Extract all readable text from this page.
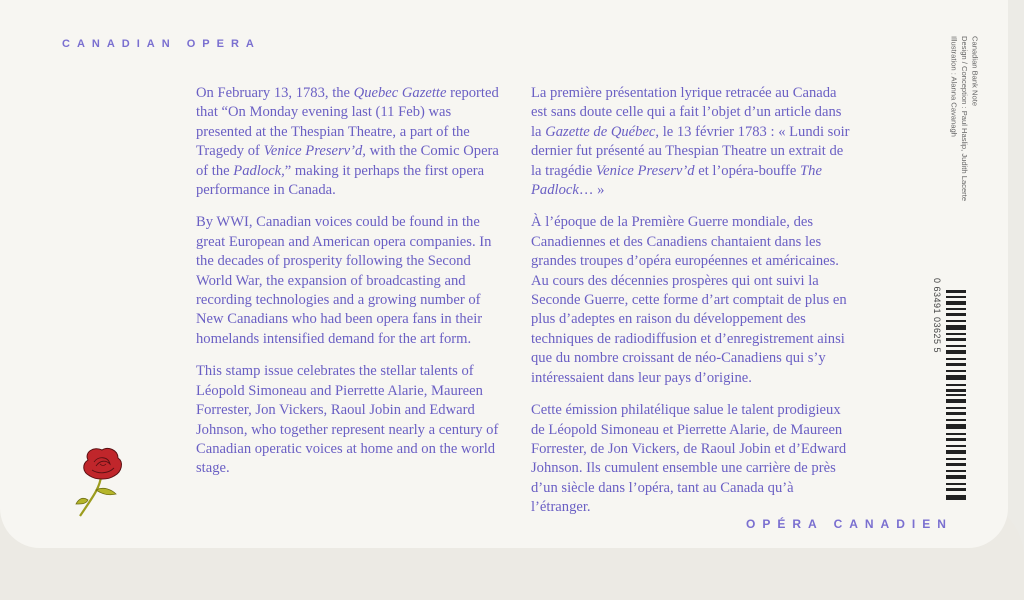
CANADIAN OPERA

On February 13, 1783, the Quebec Gazette reported that “On Monday evening last (11 Feb) was presented at the Thespian Theatre, a part of the Tragedy of Venice Preserv’d, with the Comic Opera of the Padlock,” making it perhaps the first opera performance in Canada.

By WWI, Canadian voices could be found in the great European and American opera companies. In the decades of prosperity following the Second World War, the expansion of broadcasting and recording technologies and a growing number of New Canadians who had been opera fans in their homelands intensified demand for the art form.

This stamp issue celebrates the stellar talents of Léopold Simoneau and Pierrette Alarie, Maureen Forrester, Jon Vickers, Raoul Jobin and Edward Johnson, who together represent nearly a century of Canadian operatic voices at home and on the world stage.

La première présentation lyrique retracée au Canada est sans doute celle qui a fait l’objet d’un article dans la Gazette de Québec, le 13 février 1783 : « Lundi soir dernier fut présenté au Thespian Theatre un extrait de la tragédie Venice Preserv’d et l’opéra-bouffe The Padlock… »

À l’époque de la Première Guerre mondiale, des Canadiennes et des Canadiens chantaient dans les grandes troupes d’opéra européennes et américaines. Au cours des décennies prospères qui ont suivi la Seconde Guerre, cette forme d’art comptait de plus en plus d’adeptes en raison du développement des techniques de radiodiffusion et d’enregistrement ainsi que du nombre croissant de néo-Canadiens qui s’y intéressaient dans leur pays d’origine.

Cette émission philatélique salue le talent prodigieux de Léopold Simoneau et Pierrette Alarie, de Maureen Forrester, de Jon Vickers, de Raoul Jobin et d’Edward Johnson. Ils cumulent ensemble une carrière de près d’un siècle dans l’opéra, tant au Canada qu’à l’étranger.

OPÉRA CANADIEN
Canadian Bank Note
Design / Conception : Paul Haslip, Judith Lacerte
Illustration : Alanna Cavanagh
0 63491 03625 5
